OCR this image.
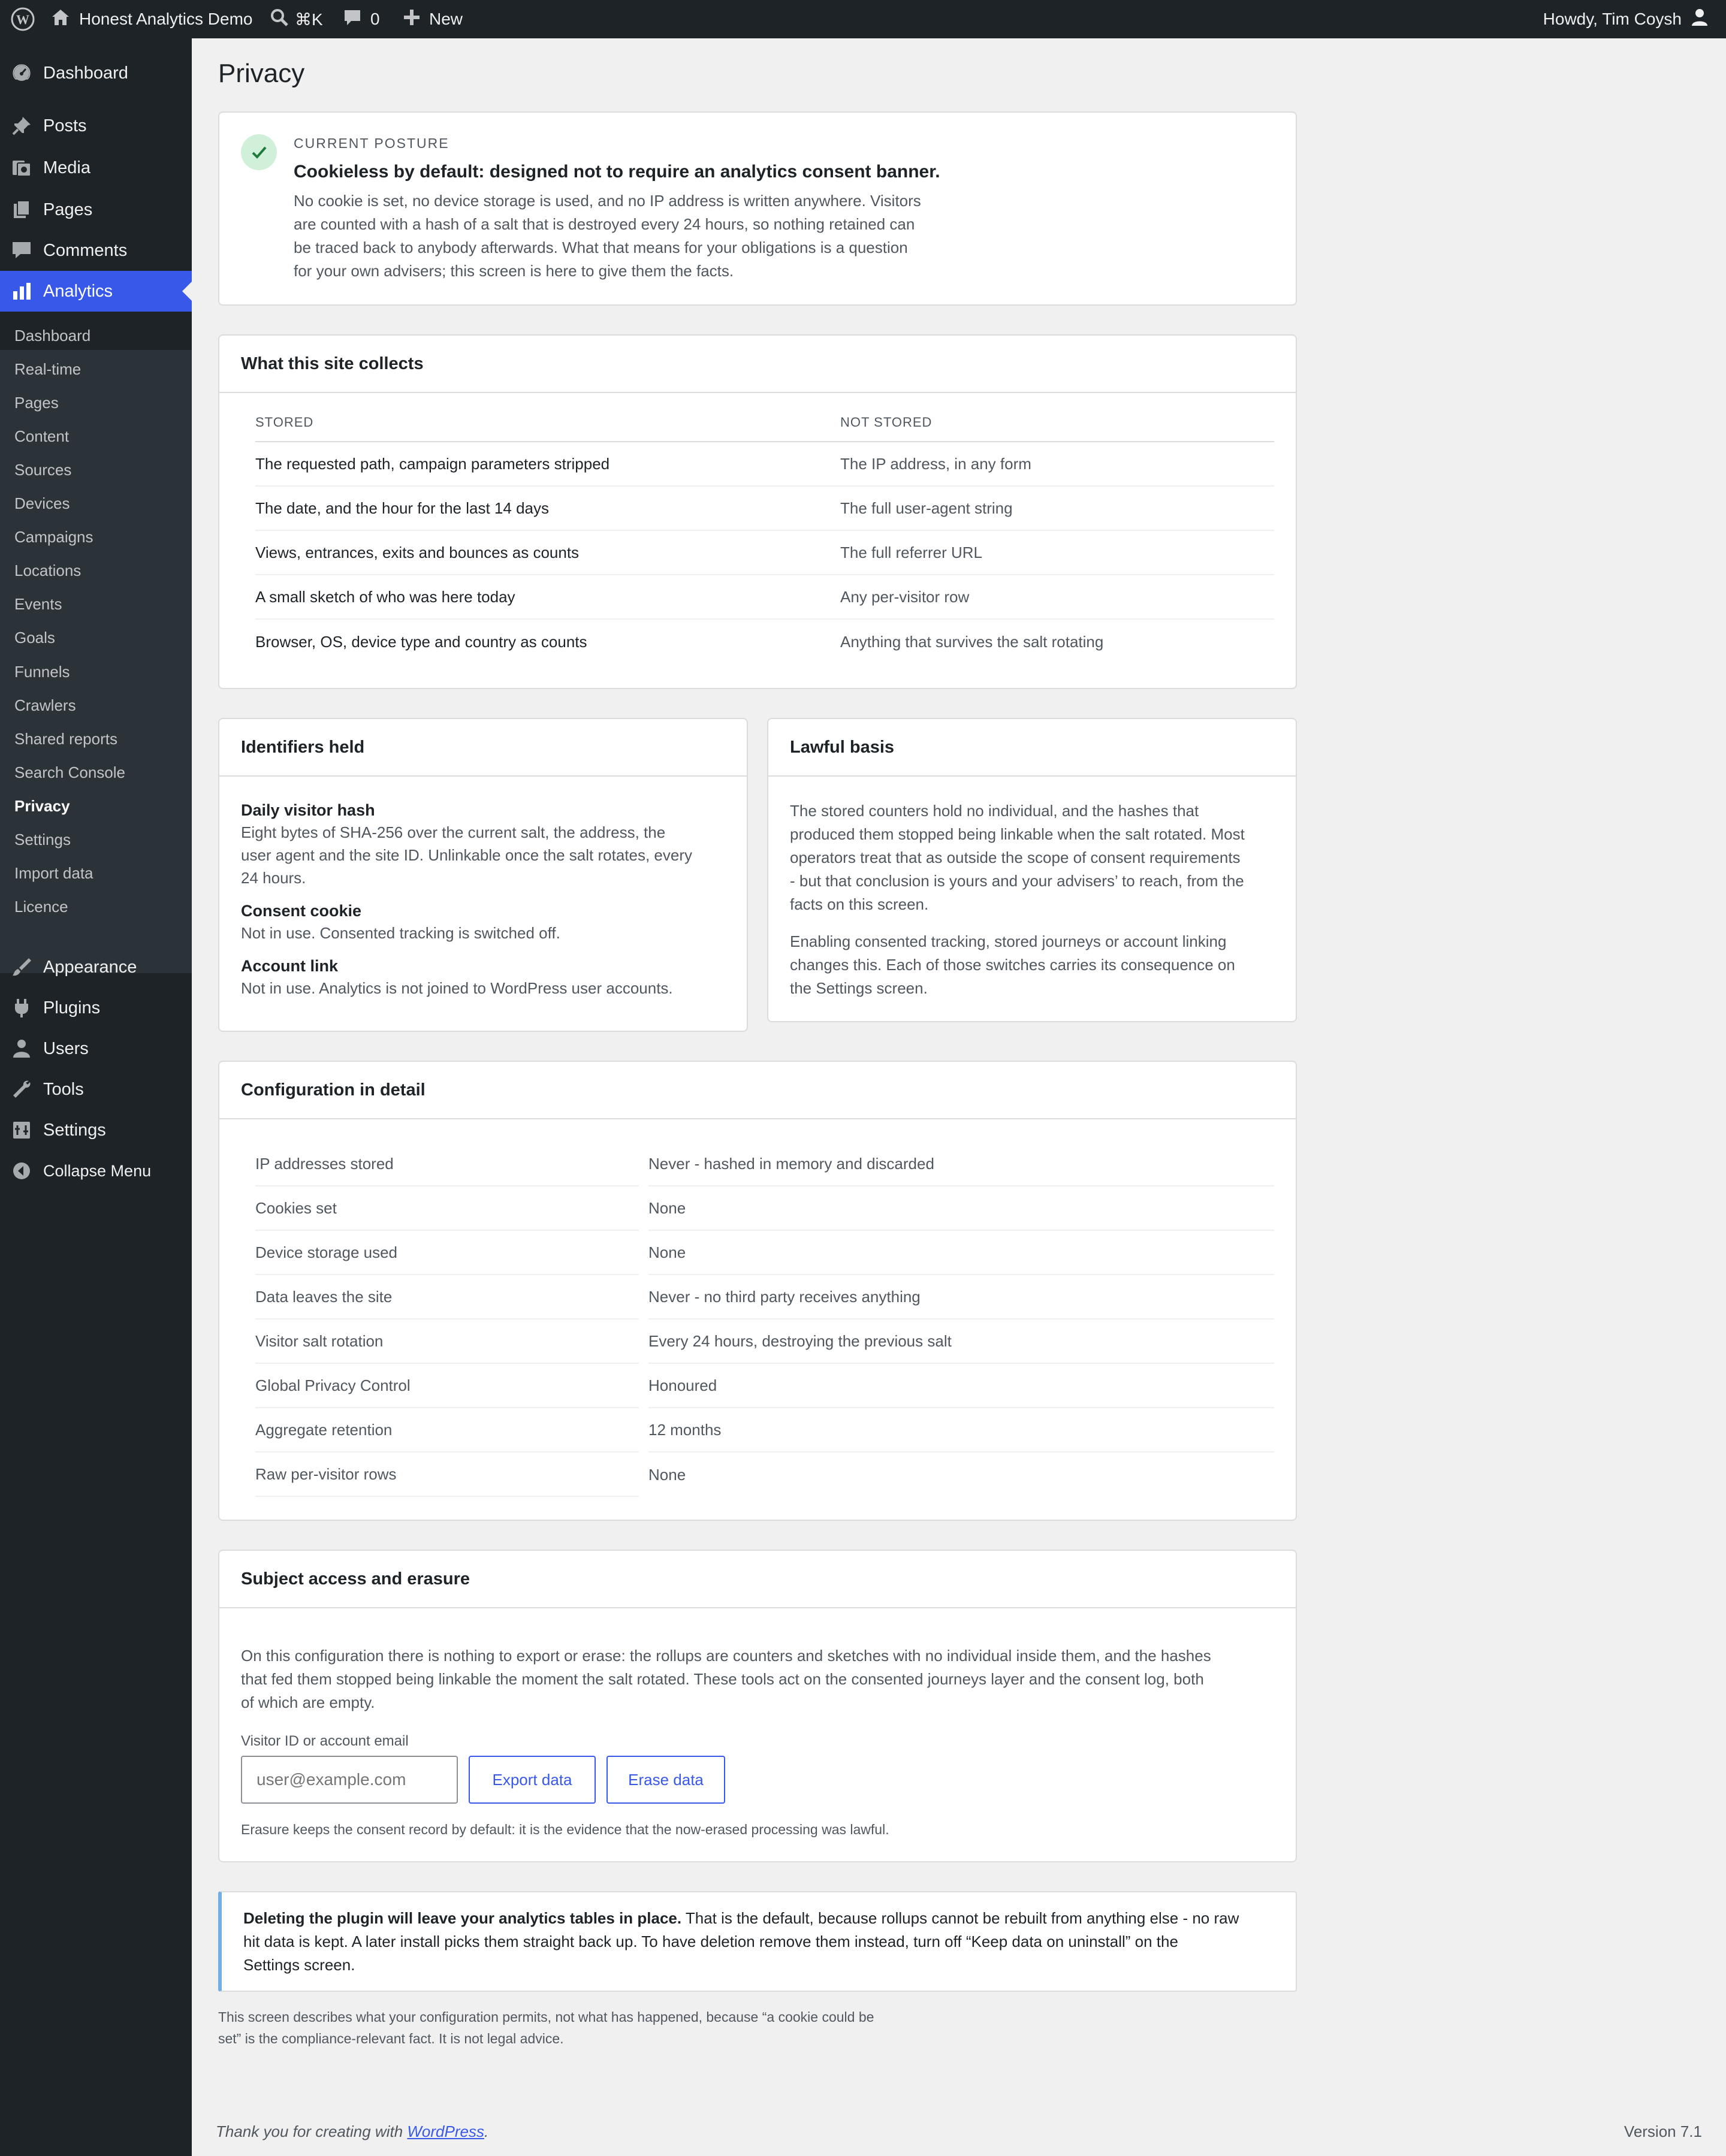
W	Honest Analytics Demo	⌘K	0	New	Howdy, Tim Coysh
Dashboard
Posts
Media
Pages
Comments
Analytics
Dashboard
Real-time
Pages
Content
Sources
Devices
Campaigns
Locations
Events
Goals
Funnels
Crawlers
Shared reports
Search Console
Privacy
Settings
Import data
Licence
Appearance
Plugins
Users
Tools
Settings
Collapse Menu
Privacy
CURRENT POSTURE
Cookieless by default: designed not to require an analytics consent banner.
No cookie is set, no device storage is used, and no IP address is written anywhere. Visitors
are counted with a hash of a salt that is destroyed every 24 hours, so nothing retained can
be traced back to anybody afterwards. What that means for your obligations is a question
for your own advisers; this screen is here to give them the facts.
What this site collects
STORED	NOT STORED
The requested path, campaign parameters stripped	The IP address, in any form
The date, and the hour for the last 14 days	The full user-agent string
Views, entrances, exits and bounces as counts	The full referrer URL
A small sketch of who was here today	Any per-visitor row
Browser, OS, device type and country as counts	Anything that survives the salt rotating
Identifiers held
Daily visitor hash
Eight bytes of SHA-256 over the current salt, the address, the
user agent and the site ID. Unlinkable once the salt rotates, every
24 hours.
Consent cookie
Not in use. Consented tracking is switched off.
Account link
Not in use. Analytics is not joined to WordPress user accounts.
Lawful basis
The stored counters hold no individual, and the hashes that
produced them stopped being linkable when the salt rotated. Most
operators treat that as outside the scope of consent requirements
- but that conclusion is yours and your advisers’ to reach, from the
facts on this screen.
Enabling consented tracking, stored journeys or account linking
changes this. Each of those switches carries its consequence on
the Settings screen.
Configuration in detail
IP addresses stored	Never - hashed in memory and discarded
Cookies set	None
Device storage used	None
Data leaves the site	Never - no third party receives anything
Visitor salt rotation	Every 24 hours, destroying the previous salt
Global Privacy Control	Honoured
Aggregate retention	12 months
Raw per-visitor rows	None
Subject access and erasure
On this configuration there is nothing to export or erase: the rollups are counters and sketches with no individual inside them, and the hashes
that fed them stopped being linkable the moment the salt rotated. These tools act on the consented journeys layer and the consent log, both
of which are empty.
Visitor ID or account email
user@example.com
Export data	Erase data
Erasure keeps the consent record by default: it is the evidence that the now-erased processing was lawful.
Deleting the plugin will leave your analytics tables in place. That is the default, because rollups cannot be rebuilt from anything else - no raw
hit data is kept. A later install picks them straight back up. To have deletion remove them instead, turn off “Keep data on uninstall” on the
Settings screen.
This screen describes what your configuration permits, not what has happened, because “a cookie could be
set” is the compliance-relevant fact. It is not legal advice.
Thank you for creating with WordPress.	Version 7.1
